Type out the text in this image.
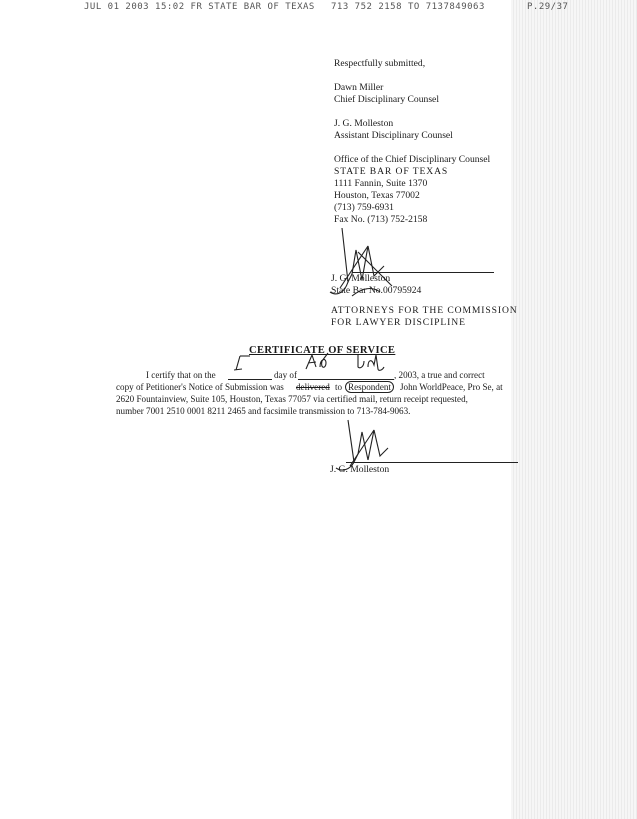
JUL 01 2003 15:02 FR STATE BAR OF TEXAS 713 752 2158 TO 7137849063	P.29/37
Respectfully submitted,
Dawn Miller
Chief Disciplinary Counsel
J. G. Molleston
Assistant Disciplinary Counsel
Office of the Chief Disciplinary Counsel
STATE BAR OF TEXAS
1111 Fannin, Suite 1370
Houston, Texas 77002
(713) 759-6931
Fax No. (713) 752-2158
J. G. Molleston
State Bar No.00795924
ATTORNEYS FOR THE COMMISSION
FOR LAWYER DISCIPLINE
CERTIFICATE OF SERVICE
I certify that on the	day of	, 2003, a true and correct
copy of Petitioner's Notice of Submission was delivered to Respondent John WorldPeace, Pro Se, at
2620 Fountainview, Suite 105, Houston, Texas 77057 via certified mail, return receipt requested,
number 7001 2510 0001 8211 2465 and facsimile transmission to 713-784-9063.
J. G. Molleston
